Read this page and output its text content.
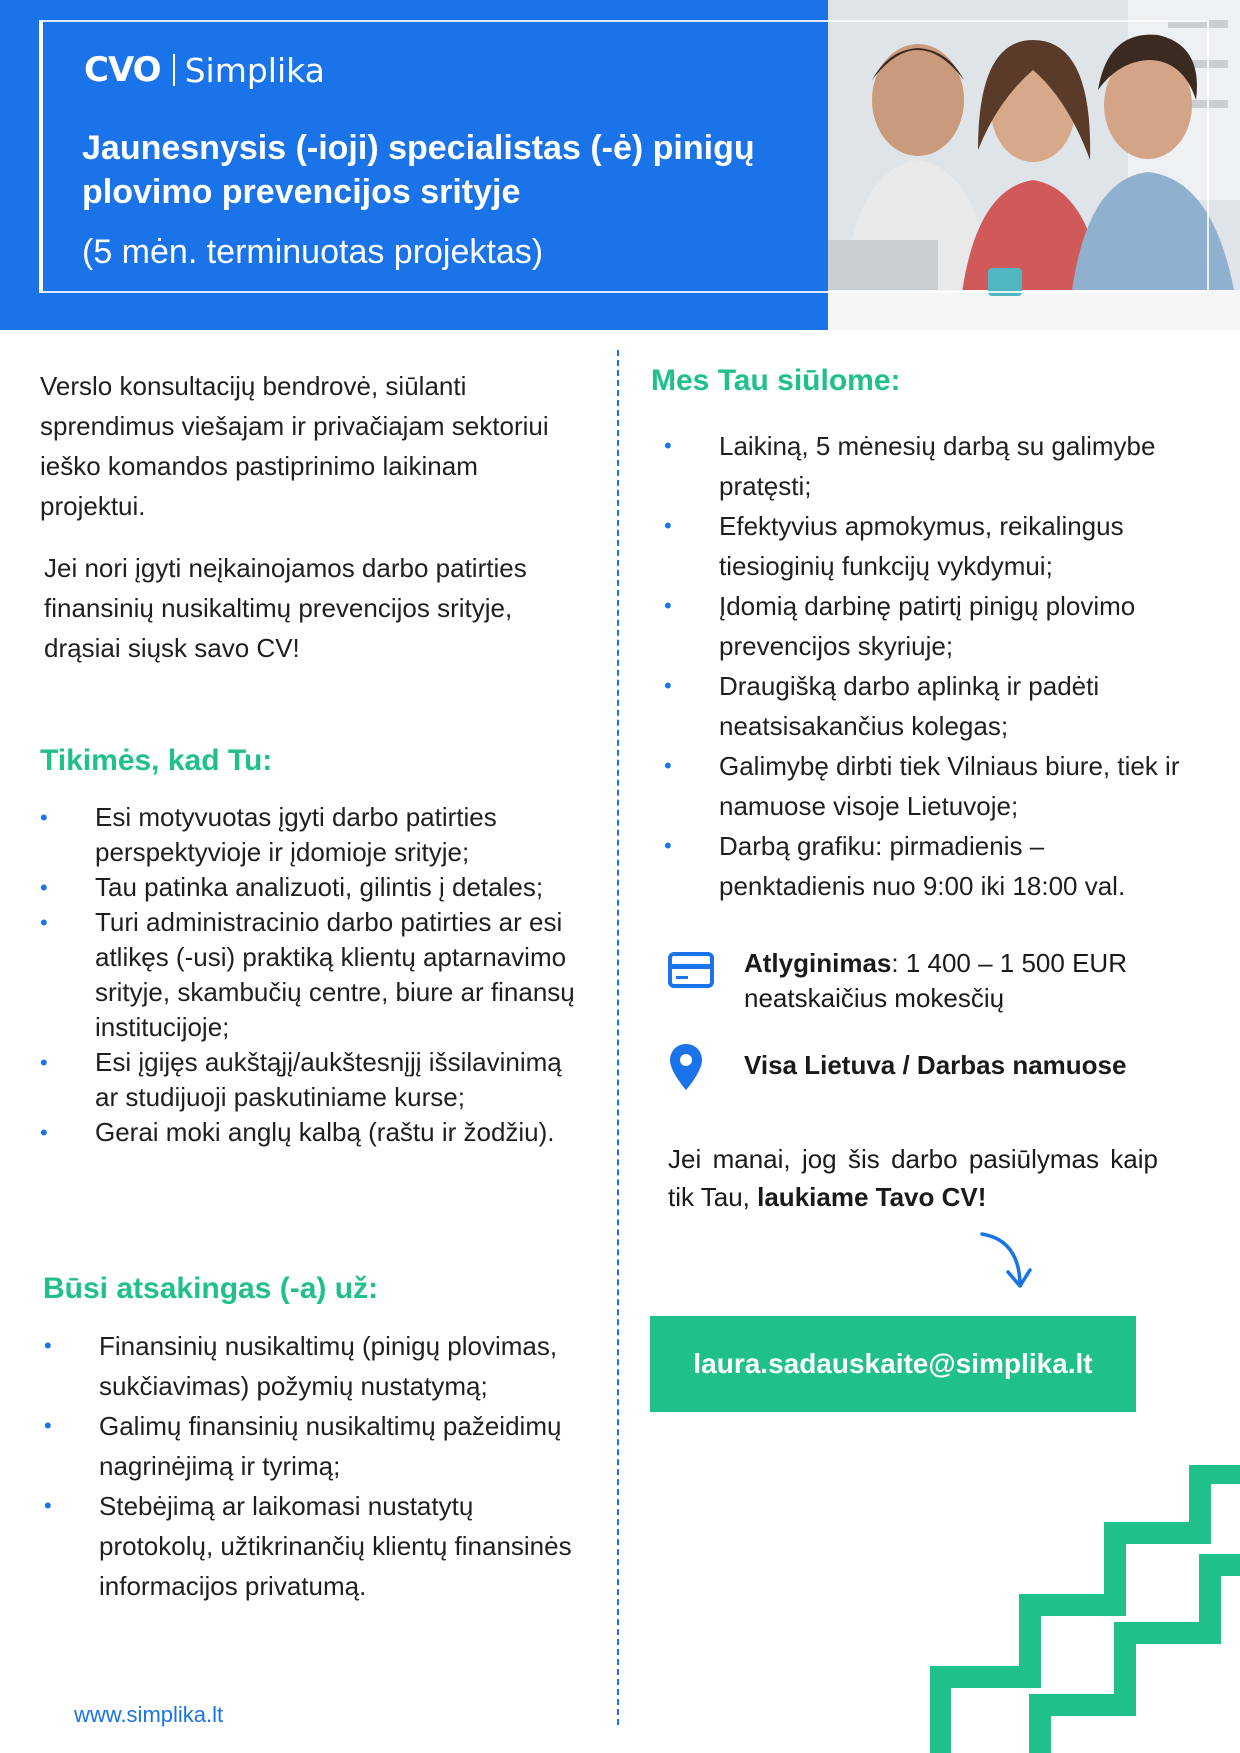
CVO Simplika
Jaunesnysis (-ioji) specialistas (-ė) pinigų plovimo prevencijos srityje
(5 mėn. terminuotas projektas)

Verslo konsultacijų bendrovė, siūlanti sprendimus viešajam ir privačiajam sektoriui ieško komandos pastiprinimo laikinam projektui.

Jei nori įgyti neįkainojamos darbo patirties finansinių nusikaltimų prevencijos srityje, drąsiai siųsk savo CV!

Tikimės, kad Tu:
• Esi motyvuotas įgyti darbo patirties perspektyvioje ir įdomioje srityje;
• Tau patinka analizuoti, gilintis į detales;
• Turi administracinio darbo patirties ar esi atlikęs (-usi) praktiką klientų aptarnavimo srityje, skambučių centre, biure ar finansų institucijoje;
• Esi įgijęs aukštąjį/aukštesnįjį išsilavinimą ar studijuoji paskutiniame kurse;
• Gerai moki anglų kalbą (raštu ir žodžiu).
Būsi atsakingas (-a) už:
• Finansinių nusikaltimų (pinigų plovimas, sukčiavimas) požymių nustatymą;
• Galimų finansinių nusikaltimų pažeidimų nagrinėjimą ir tyrimą;
• Stebėjimą ar laikomasi nustatytų protokolų, užtikrinančių klientų finansinės informacijos privatumą.
www.simplika.lt
Mes Tau siūlome:
• Laikiną, 5 mėnesių darbą su galimybe pratęsti;
• Efektyvius apmokymus, reikalingus tiesioginių funkcijų vykdymui;
• Įdomią darbinę patirtį pinigų plovimo prevencijos skyriuje;
• Draugišką darbo aplinką ir padėti neatsisakančius kolegas;
• Galimybę dirbti tiek Vilniaus biure, tiek ir namuose visoje Lietuvoje;
• Darbą grafiku: pirmadienis – penktadienis nuo 9:00 iki 18:00 val.
Atlyginimas: 1 400 – 1 500 EUR
neatskaičius mokesčių
Visa Lietuva / Darbas namuose

Jei manai, jog šis darbo pasiūlymas kaip tik Tau, laukiame Tavo CV!

laura.sadauskaite@simplika.lt
